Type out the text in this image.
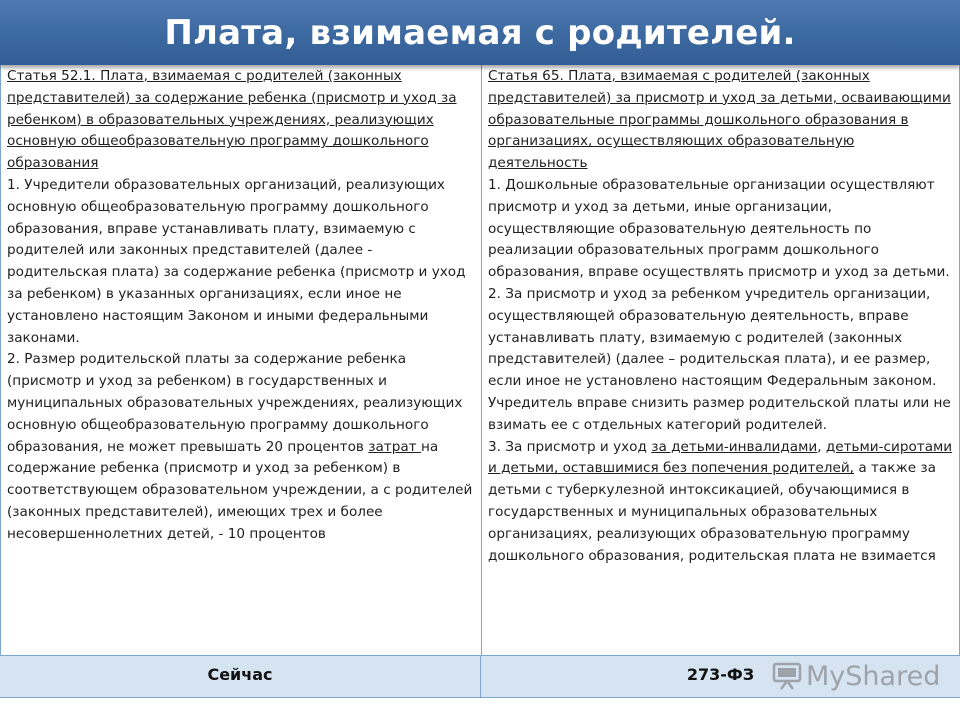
Плата, взимаемая с родителей.

Статья 52.1. Плата, взимаемая с родителей (законных представителей) за содержание ребенка (присмотр и уход за ребенком) в образовательных учреждениях, реализующих основную общеобразовательную программу дошкольного образования

1. Учредители образовательных организаций, реализующих основную общеобразовательную программу дошкольного образования, вправе устанавливать плату, взимаемую с родителей или законных представителей (далее - родительская плата) за содержание ребенка (присмотр и уход за ребенком) в указанных организациях, если иное не установлено настоящим Законом и иными федеральными законами.

2. Размер родительской платы за содержание ребенка (присмотр и уход за ребенком) в государственных и муниципальных образовательных учреждениях, реализующих основную общеобразовательную программу дошкольного образования, не может превышать 20 процентов затрат на содержание ребенка (присмотр и уход за ребенком) в соответствующем образовательном учреждении, а с родителей (законных представителей), имеющих трех и более несовершеннолетних детей, - 10 процентов

Статья 65. Плата, взимаемая с родителей (законных представителей) за присмотр и уход за детьми, осваивающими образовательные программы дошкольного образования в организациях, осуществляющих образовательную деятельность

1. Дошкольные образовательные организации осуществляют присмотр и уход за детьми, иные организации, осуществляющие образовательную деятельность по реализации образовательных программ дошкольного образования, вправе осуществлять присмотр и уход за детьми.

2. За присмотр и уход за ребенком учредитель организации, осуществляющей образовательную деятельность, вправе устанавливать плату, взимаемую с родителей (законных представителей) (далее – родительская плата), и ее размер, если иное не установлено настоящим Федеральным законом. Учредитель вправе снизить размер родительской платы или не взимать ее с отдельных категорий родителей.

3. За присмотр и уход за детьми-инвалидами, детьми-сиротами и детьми, оставшимися без попечения родителей, а также за детьми с туберкулезной интоксикацией, обучающимися в государственных и муниципальных образовательных организациях, реализующих образовательную программу дошкольного образования, родительская плата не взимается

Сейчас	273-ФЗ	MyShared
